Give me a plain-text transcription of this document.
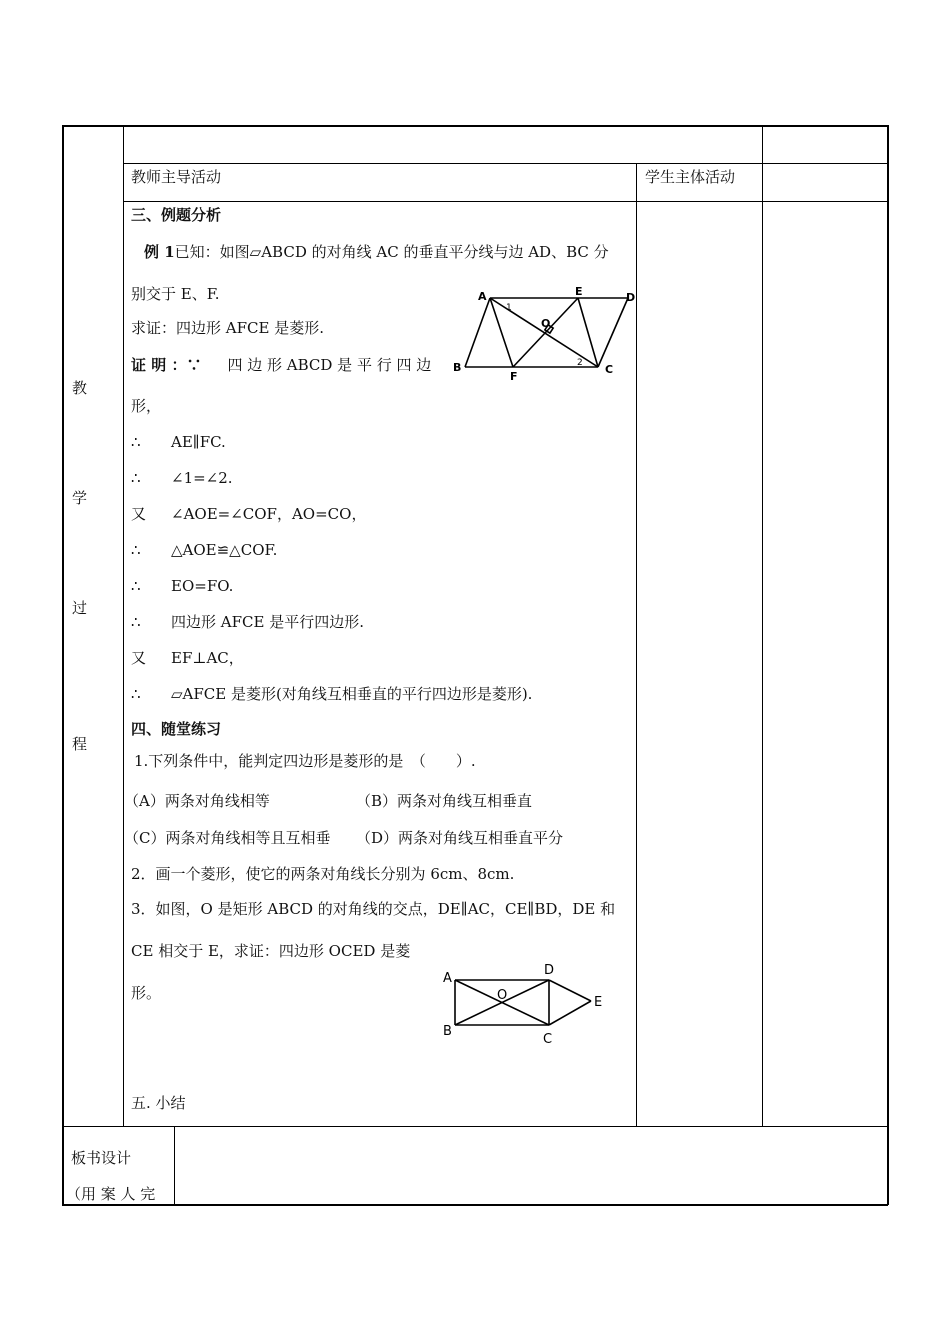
教师主导活动	学生主体活动
教
学
过
程
三、例题分析
例 1已知：如图▱ABCD 的对角线 AC 的垂直平分线与边 AD、BC 分
别交于 E、F.
求证：四边形 AFCE 是菱形.
证 明 ：∵ 四 边 形 ABCD 是 平 行 四 边
形，
∴ AE∥FC.
∴ ∠1=∠2.
又 ∠AOE=∠COF，AO=CO，
∴ △AOE≌△COF.
∴ EO=FO.
∴ 四边形 AFCE 是平行四边形.
又 EF⊥AC，
∴ ▱AFCE 是菱形(对角线互相垂直的平行四边形是菱形).
A	E	D
B
F
C
O
1
2
四、随堂练习
1.下列条件中，能判定四边形是菱形的是　（　　）.
（A）两条对角线相等	（B）两条对角线互相垂直
（C）两条对角线相等且互相垂 （D）两条对角线互相垂直平分
2．画一个菱形，使它的两条对角线长分别为 6cm、8cm.
3．如图，O 是矩形 ABCD 的对角线的交点，DE∥AC，CE∥BD，DE 和
CE 相交于 E，求证：四边形 OCED 是菱
形。
A
D
B
C
E
O
五. 小结
板书设计
（用 案 人 完
